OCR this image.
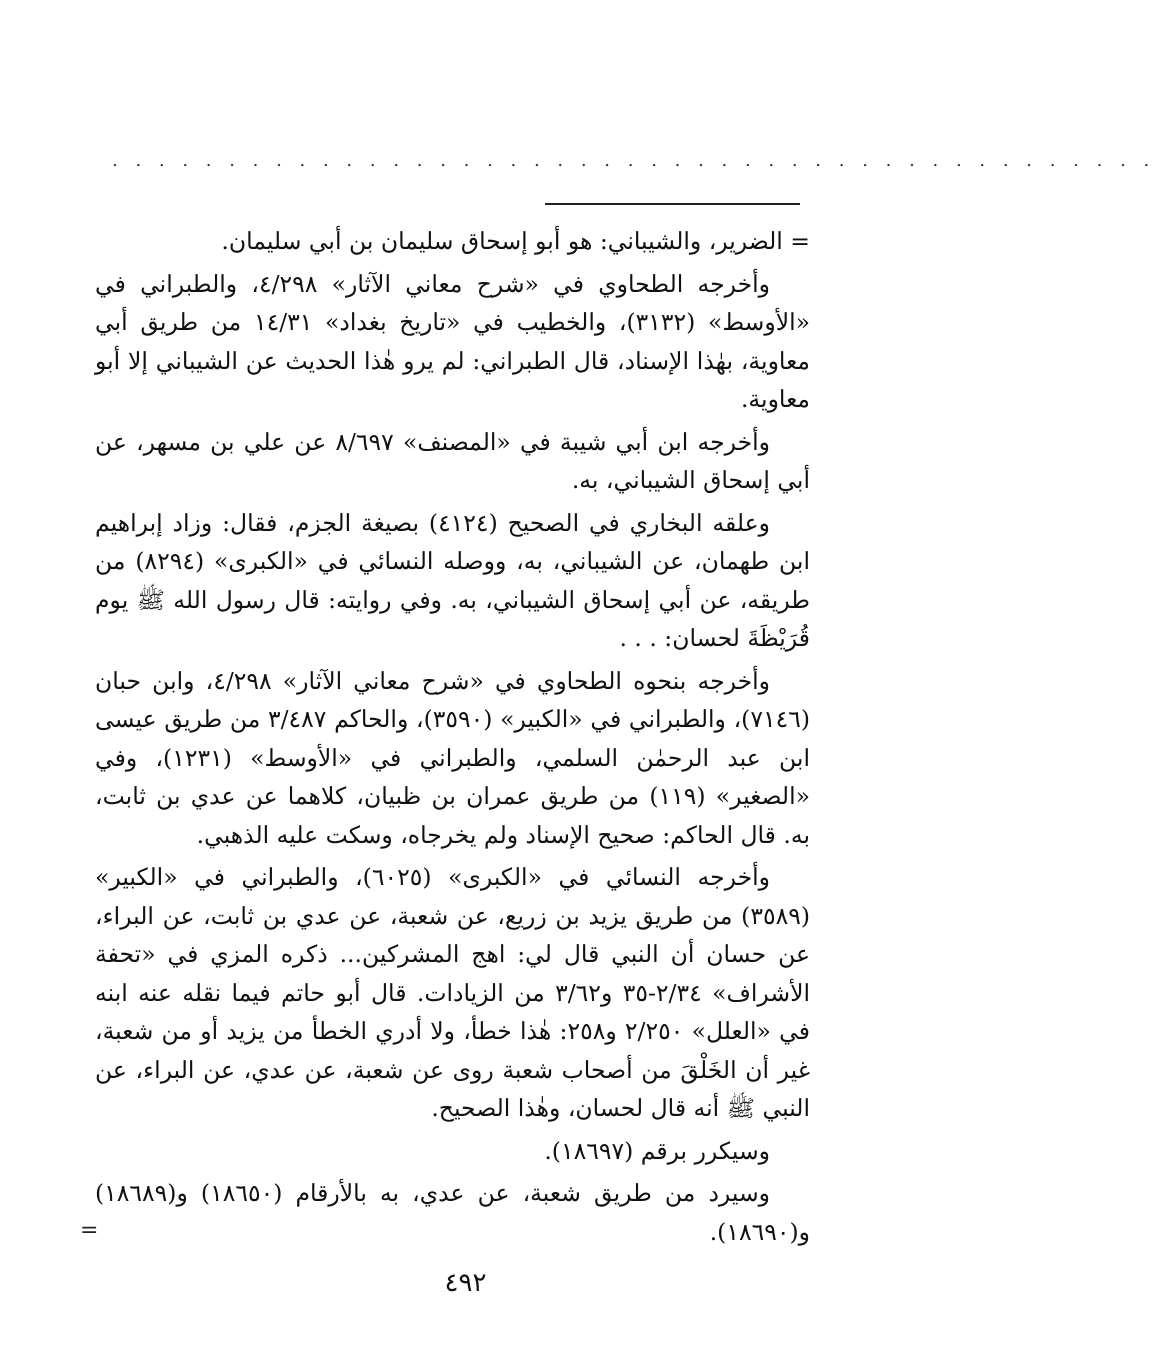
. . . . . . . . . . . . . . . . . . . . . . . . . . . . . . . . . . . . . . . . . . . . .

= الضرير، والشيباني: هو أبو إسحاق سليمان بن أبي سليمان.

وأخرجه الطحاوي في «شرح معاني الآثار» ٤/٢٩٨، والطبراني في «الأوسط» (٣١٣٢)، والخطيب في «تاريخ بغداد» ١٤/٣١ من طريق أبي معاوية، بهٰذا الإسناد، قال الطبراني: لم يرو هٰذا الحديث عن الشيباني إلا أبو معاوية.

وأخرجه ابن أبي شيبة في «المصنف» ٨/٦٩٧ عن علي بن مسهر، عن أبي إسحاق الشيباني، به.

وعلقه البخاري في الصحيح (٤١٢٤) بصيغة الجزم، فقال: وزاد إبراهيم ابن طهمان، عن الشيباني، به، ووصله النسائي في «الكبرى» (٨٢٩٤) من طريقه، عن أبي إسحاق الشيباني، به. وفي روايته: قال رسول الله ﷺ يوم قُرَيْظَةَ لحسان: . . .

وأخرجه بنحوه الطحاوي في «شرح معاني الآثار» ٤/٢٩٨، وابن حبان (٧١٤٦)، والطبراني في «الكبير» (٣٥٩٠)، والحاكم ٣/٤٨٧ من طريق عيسى ابن عبد الرحمٰن السلمي، والطبراني في «الأوسط» (١٢٣١)، وفي «الصغير» (١١٩) من طريق عمران بن ظبيان، كلاهما عن عدي بن ثابت، به. قال الحاكم: صحيح الإسناد ولم يخرجاه، وسكت عليه الذهبي.

وأخرجه النسائي في «الكبرى» (٦٠٢٥)، والطبراني في «الكبير» (٣٥٨٩) من طريق يزيد بن زريع، عن شعبة، عن عدي بن ثابت، عن البراء، عن حسان أن النبي قال لي: اهج المشركين... ذكره المزي في «تحفة الأشراف» ٢/٣٤-٣٥ و٣/٦٢ من الزيادات. قال أبو حاتم فيما نقله عنه ابنه في «العلل» ٢/٢٥٠ و٢٥٨: هٰذا خطأ، ولا أدري الخطأ من يزيد أو من شعبة، غير أن الخَلْقَ من أصحاب شعبة روى عن شعبة، عن عدي، عن البراء، عن النبي ﷺ أنه قال لحسان، وهٰذا الصحيح.

وسيكرر برقم (١٨٦٩٧).

وسيرد من طريق شعبة، عن عدي، به بالأرقام (١٨٦٥٠) و(١٨٦٨٩) و(١٨٦٩٠).

=
٤٩٢
